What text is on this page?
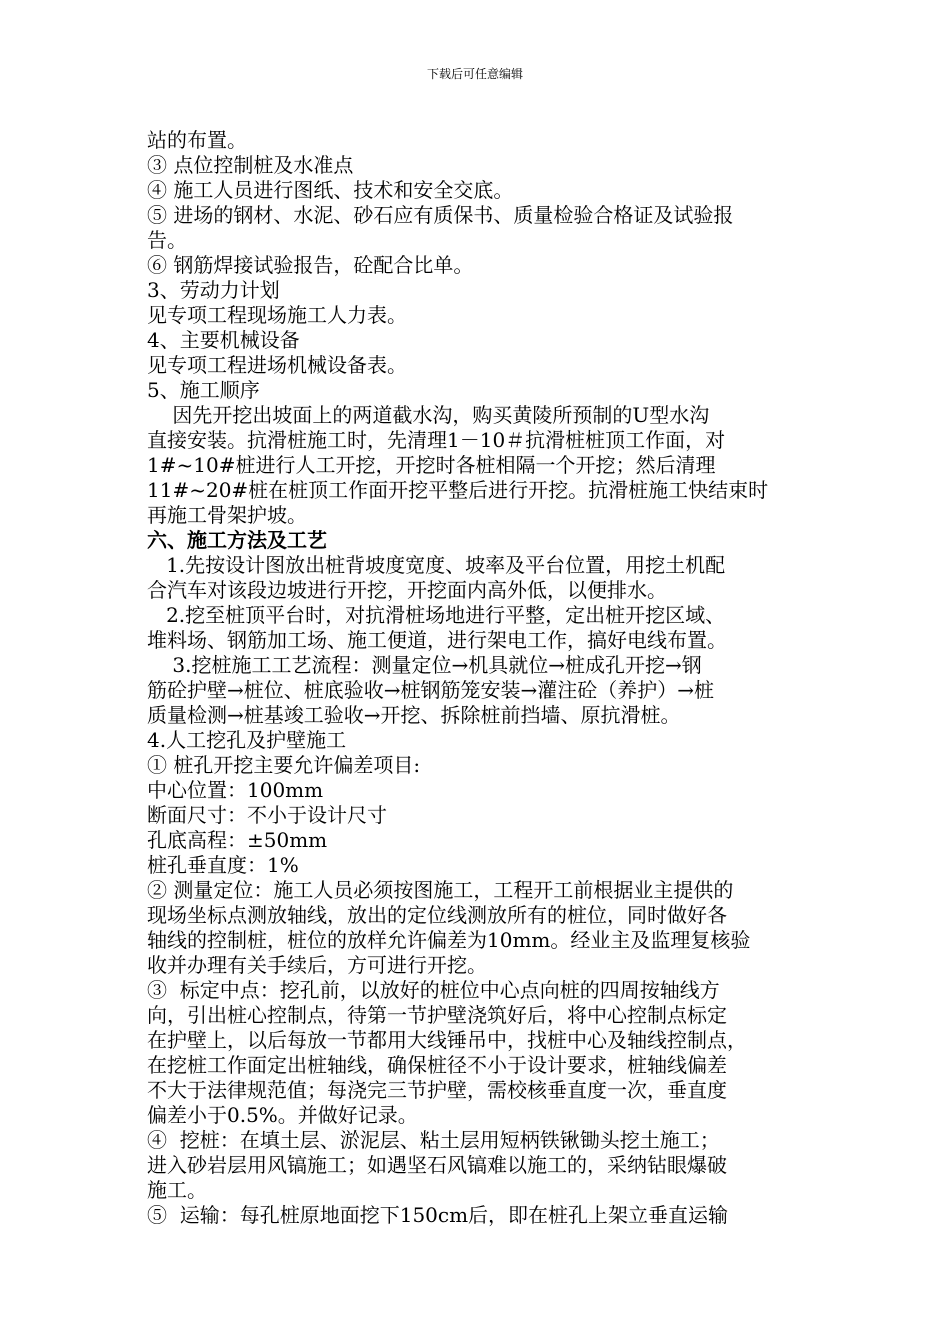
下载后可任意编辑
站的布置。
③ 点位控制桩及水准点
④ 施工人员进行图纸、技术和安全交底。
⑤ 进场的钢材、水泥、砂石应有质保书、质量检验合格证及试验报
告。
⑥ 钢筋焊接试验报告，砼配合比单。
3、劳动力计划
见专项工程现场施工人力表。
4、主要机械设备
见专项工程进场机械设备表。
5、施工顺序
因先开挖出坡面上的两道截水沟，购买黄陵所预制的U型水沟
直接安装。抗滑桩施工时，先清理1－10＃抗滑桩桩顶工作面，对
1#~10#桩进行人工开挖，开挖时各桩相隔一个开挖；然后清理
11#~20#桩在桩顶工作面开挖平整后进行开挖。抗滑桩施工快结束时
再施工骨架护坡。
六、施工方法及工艺
1.先按设计图放出桩背坡度宽度、坡率及平台位置，用挖土机配
合汽车对该段边坡进行开挖，开挖面内高外低，以便排水。
2.挖至桩顶平台时，对抗滑桩场地进行平整，定出桩开挖区域、
堆料场、钢筋加工场、施工便道，进行架电工作，搞好电线布置。
3.挖桩施工工艺流程：测量定位→机具就位→桩成孔开挖→钢
筋砼护壁→桩位、桩底验收→桩钢筋笼安装→灌注砼（养护）→桩
质量检测→桩基竣工验收→开挖、拆除桩前挡墙、原抗滑桩。
4.人工挖孔及护壁施工
① 桩孔开挖主要允许偏差项目:
中心位置：100mm
断面尺寸：不小于设计尺寸
孔底高程：±50mm
桩孔垂直度：1%
② 测量定位：施工人员必须按图施工，工程开工前根据业主提供的
现场坐标点测放轴线，放出的定位线测放所有的桩位，同时做好各
轴线的控制桩，桩位的放样允许偏差为10mm。经业主及监理复核验
收并办理有关手续后，方可进行开挖。
③  标定中点：挖孔前，以放好的桩位中心点向桩的四周按轴线方
向，引出桩心控制点，待第一节护壁浇筑好后，将中心控制点标定
在护壁上，以后每放一节都用大线锤吊中，找桩中心及轴线控制点，
在挖桩工作面定出桩轴线，确保桩径不小于设计要求，桩轴线偏差
不大于法律规范值；每浇完三节护壁，需校核垂直度一次，垂直度
偏差小于0.5%。并做好记录。
④  挖桩：在填土层、淤泥层、粘土层用短柄铁锹锄头挖土施工；
进入砂岩层用风镐施工；如遇坚石风镐难以施工的，采纳钻眼爆破
施工。
⑤  运输：每孔桩原地面挖下150cm后，即在桩孔上架立垂直运输
